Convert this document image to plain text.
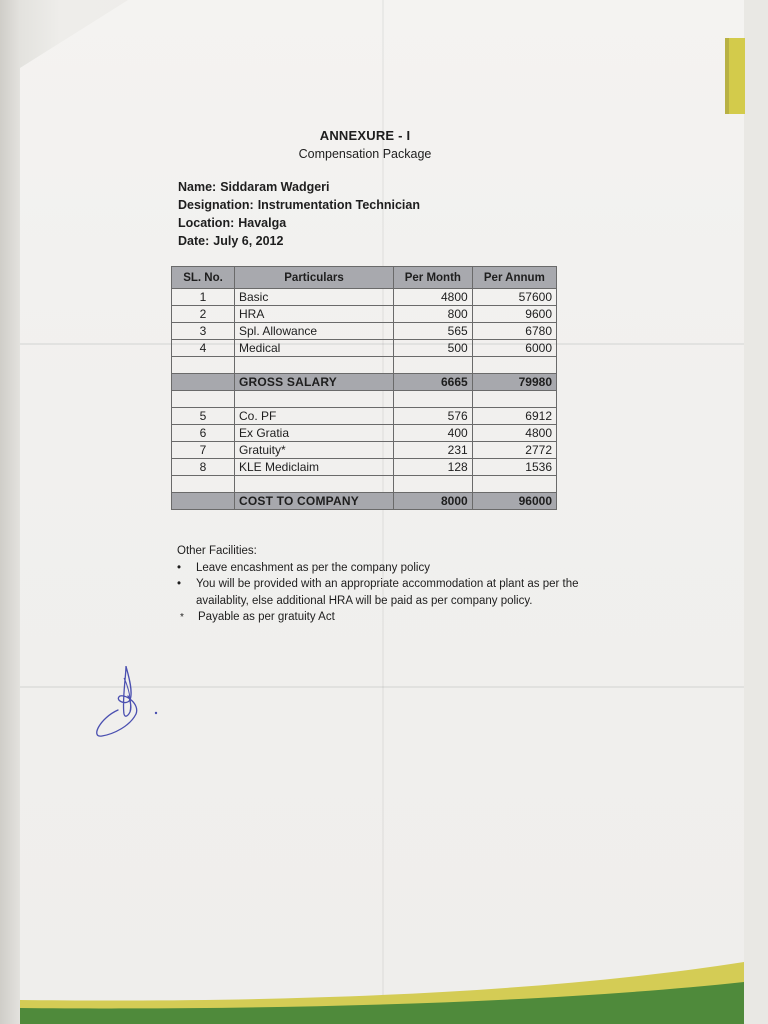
ANNEXURE - I
Compensation Package
Name: Siddaram Wadgeri
Designation: Instrumentation Technician
Location: Havalga
Date: July 6, 2012
SL. No.	Particulars	Per Month	Per Annum
1	Basic	4800	57600
2	HRA	800	9600
3	Spl. Allowance	565	6780
4	Medical	500	6000

	GROSS SALARY	6665	79980

5	Co. PF	576	6912
6	Ex Gratia	400	4800
7	Gratuity*	231	2772
8	KLE Mediclaim	128	1536

	COST TO COMPANY	8000	96000
Other Facilities:
• Leave encashment as per the company policy
• You will be provided with an appropriate accommodation at plant as per the availablity, else additional HRA will be paid as per company policy.
* Payable as per gratuity Act
